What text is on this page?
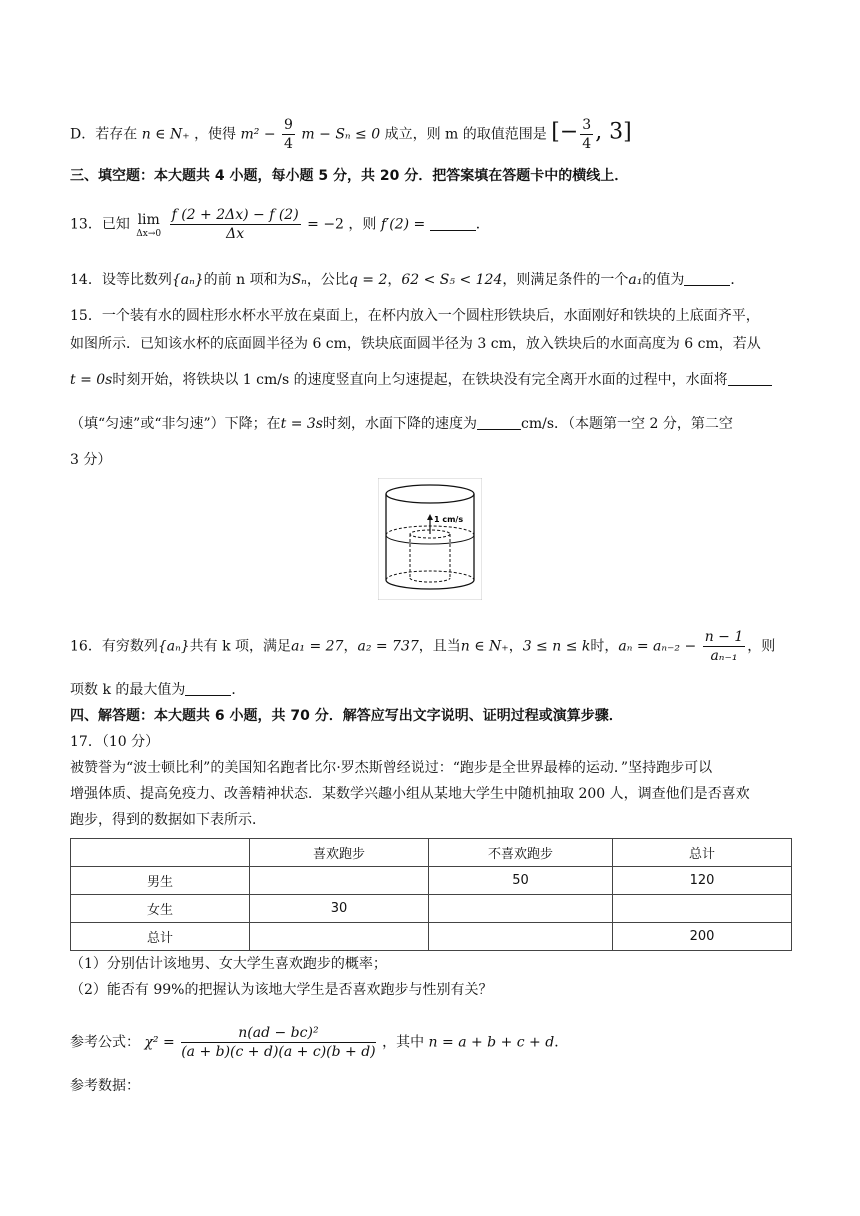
D．若存在 n ∈ N₊ ，使得 $m^2 - \frac{9}{4}$ m − Sₙ ≤ 0 成立，则 m 的取值范围是 [− $\frac{3}{4}$ , 3]
三、填空题：本大题共 4 小题，每小题 5 分，共 20 分．把答案填在答题卡中的横线上．
13．已知 lim
Δx→0
$\frac{f (2 + 2\Delta x) - f (2)}{\Delta x} = -2$ ，则 f′(2) =	．
14．设等比数列{aₙ}的前 n 项和为Sₙ，公比q = 2，62 < S₅ < 124，则满足条件的一个a₁的值为	．
15．一个装有水的圆柱形水杯水平放在桌面上，在杯内放入一个圆柱形铁块后，水面刚好和铁块的上底面齐平，
如图所示．已知该水杯的底面圆半径为 6 cm，铁块底面圆半径为 3 cm，放入铁块后的水面高度为 6 cm，若从
t = 0s时刻开始，将铁块以 1 cm/s 的速度竖直向上匀速提起，在铁块没有完全离开水面的过程中，水面将
（填“匀速”或“非匀速”）下降；在t = 3s时刻，水面下降的速度为	cm/s．（本题第一空 2 分，第二空
3 分）
1 cm/s
16．有穷数列{aₙ}共有 k 项，满足a₁ = 27，a₂ = 737，且当n ∈ N₊，3 ≤ n ≤ k时，$a_n = a_{n-2} - \frac{n - 1}{\text{aₙ₋₁}}$ ，则
项数 k 的最大值为	．
四、解答题：本大题共 6 小题，共 70 分．解答应写出文字说明、证明过程或演算步骤．
17．（10 分）
被赞誉为“波士顿比利”的美国知名跑者比尔·罗杰斯曾经说过：“跑步是全世界最棒的运动．”坚持跑步可以
增强体质、提高免疫力、改善精神状态．某数学兴趣小组从某地大学生中随机抽取 200 人，调查他们是否喜欢
跑步，得到的数据如下表所示．
	喜欢跑步	不喜欢跑步	总计
男生		50	120
女生	30		
总计			200
（1）分别估计该地男、女大学生喜欢跑步的概率；
（2）能否有 99%的把握认为该地大学生是否喜欢跑步与性别有关？
参考公式： $\chi^2 = \frac{\text{n(ad − bc)²}}{(a + b)(c + d)(a + c)(b + d)}$ ，其中 n = a + b + c + d．
参考数据：
